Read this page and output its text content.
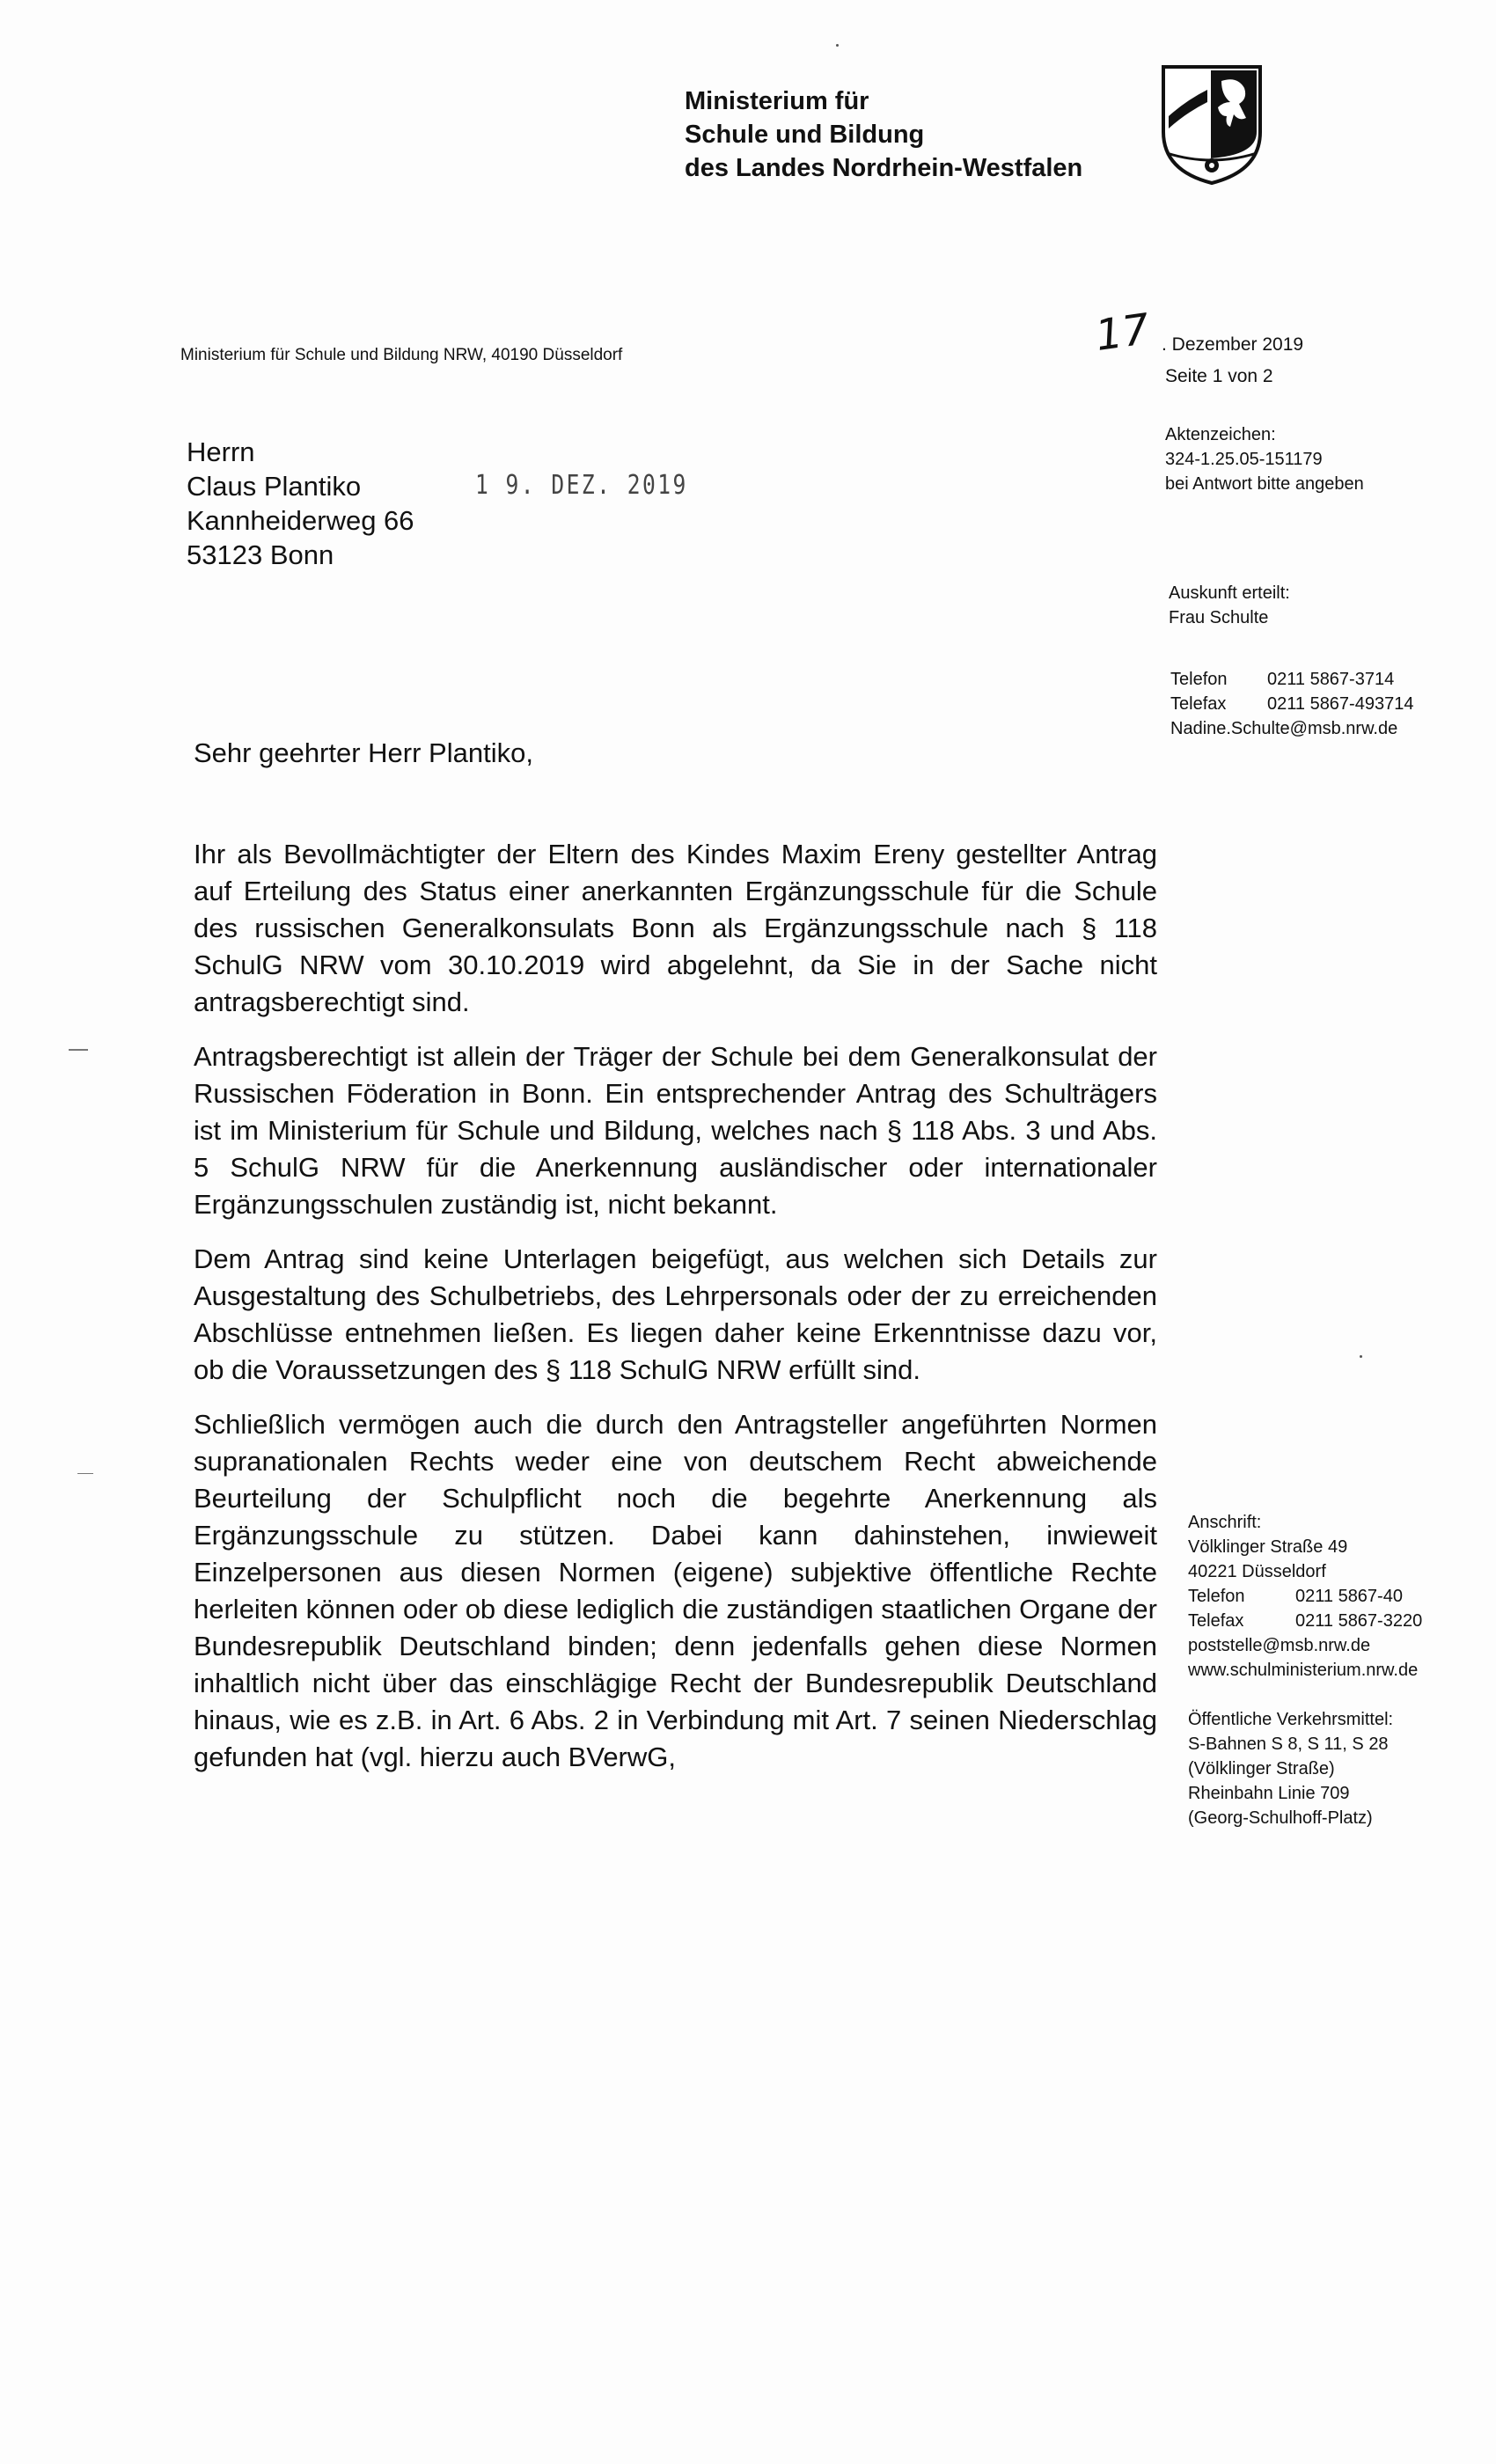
Ministerium für
Schule und Bildung
des Landes Nordrhein-Westfalen
Ministerium für Schule und Bildung NRW, 40190 Düsseldorf	17 . Dezember 2019
Seite 1 von 2
Aktenzeichen:
324-1.25.05-151179
bei Antwort bitte angeben
Auskunft erteilt:
Frau Schulte
Telefon 0211 5867-3714
Telefax 0211 5867-493714
Nadine.Schulte@msb.nrw.de
Herrn
Claus Plantiko
Kannheiderweg 66
53123 Bonn
1 9. DEZ. 2019
Sehr geehrter Herr Plantiko,

Ihr als Bevollmächtigter der Eltern des Kindes Maxim Ereny gestellter Antrag auf Erteilung des Status einer anerkannten Ergänzungsschule für die Schule des russischen Generalkonsulats Bonn als Ergänzungsschule nach § 118 SchulG NRW vom 30.10.2019 wird abgelehnt, da Sie in der Sache nicht antragsberechtigt sind.

Antragsberechtigt ist allein der Träger der Schule bei dem Generalkonsulat der Russischen Föderation in Bonn. Ein entsprechender Antrag des Schulträgers ist im Ministerium für Schule und Bildung, welches nach § 118 Abs. 3 und Abs. 5 SchulG NRW für die Anerkennung ausländischer oder internationaler Ergänzungsschulen zuständig ist, nicht bekannt.

Dem Antrag sind keine Unterlagen beigefügt, aus welchen sich Details zur Ausgestaltung des Schulbetriebs, des Lehrpersonals oder der zu erreichenden Abschlüsse entnehmen ließen. Es liegen daher keine Erkenntnisse dazu vor, ob die Voraussetzungen des § 118 SchulG NRW erfüllt sind.

Schließlich vermögen auch die durch den Antragsteller angeführten Normen supranationalen Rechts weder eine von deutschem Recht abweichende Beurteilung der Schulpflicht noch die begehrte Anerkennung als Ergänzungsschule zu stützen. Dabei kann dahinstehen, inwieweit Einzelpersonen aus diesen Normen (eigene) subjektive öffentliche Rechte herleiten können oder ob diese lediglich die zuständigen staatlichen Organe der Bundesrepublik Deutschland binden; denn jedenfalls gehen diese Normen inhaltlich nicht über das einschlägige Recht der Bundesrepublik Deutschland hinaus, wie es z.B. in Art. 6 Abs. 2 in Verbindung mit Art. 7 seinen Niederschlag gefunden hat (vgl. hierzu auch BVerwG,

Anschrift:
Völklinger Straße 49
40221 Düsseldorf
Telefon	0211 5867-40
Telefax	0211 5867-3220
poststelle@msb.nrw.de
www.schulministerium.nrw.de
Öffentliche Verkehrsmittel:
S-Bahnen S 8, S 11, S 28
(Völklinger Straße)
Rheinbahn Linie 709
(Georg-Schulhoff-Platz)
